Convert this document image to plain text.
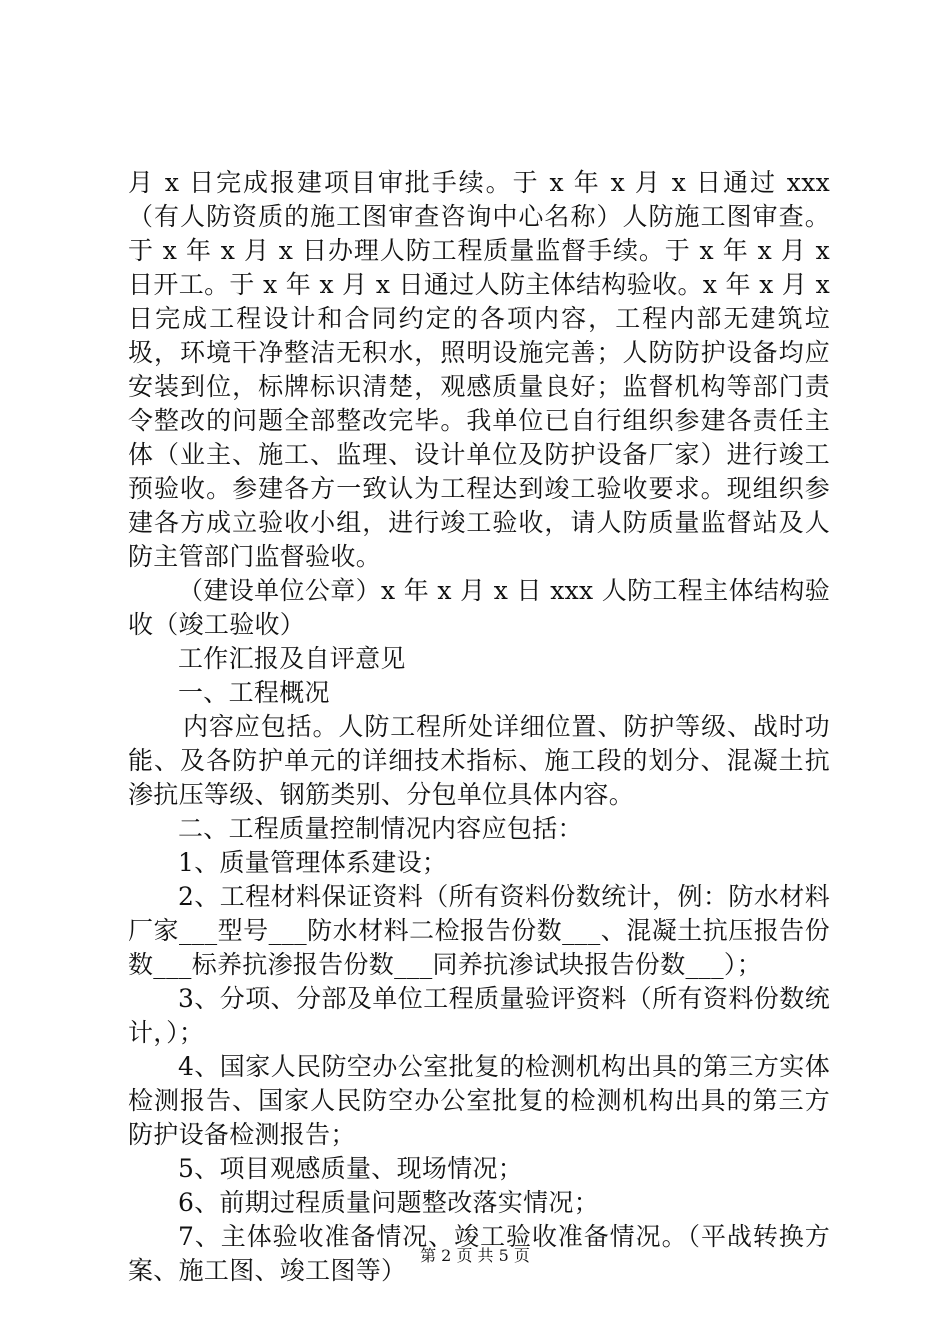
月 x 日完成报建项目审批手续。于 x 年 x 月 x 日通过 xxx（有人防资质的施工图审查咨询中心名称）人防施工图审查。于 x 年 x 月 x 日办理人防工程质量监督手续。于 x 年 x 月 x 日开工。于 x 年 x 月 x 日通过人防主体结构验收。x 年 x 月 x 日完成工程设计和合同约定的各项内容，工程内部无建筑垃圾，环境干净整洁无积水，照明设施完善；人防防护设备均应安装到位，标牌标识清楚，观感质量良好；监督机构等部门责令整改的问题全部整改完毕。我单位已自行组织参建各责任主体（业主、施工、监理、设计单位及防护设备厂家）进行竣工预验收。参建各方一致认为工程达到竣工验收要求。现组织参建各方成立验收小组，进行竣工验收，请人防质量监督站及人防主管部门监督验收。

（建设单位公章）x 年 x 月 x 日 xxx 人防工程主体结构验收（竣工验收）

工作汇报及自评意见

一、工程概况

内容应包括。人防工程所处详细位置、防护等级、战时功能、及各防护单元的详细技术指标、施工段的划分、混凝土抗渗抗压等级、钢筋类别、分包单位具体内容。

二、工程质量控制情况内容应包括：

1、质量管理体系建设；

2、工程材料保证资料（所有资料份数统计，例：防水材料厂家___型号___防水材料二检报告份数___、混凝土抗压报告份数___标养抗渗报告份数___同养抗渗试块报告份数___）；

3、分项、分部及单位工程质量验评资料（所有资料份数统计，）；

4、国家人民防空办公室批复的检测机构出具的第三方实体检测报告、国家人民防空办公室批复的检测机构出具的第三方防护设备检测报告；

5、项目观感质量、现场情况；

6、前期过程质量问题整改落实情况；

7、主体验收准备情况、竣工验收准备情况。（平战转换方案、施工图、竣工图等）

第 2 页 共 5 页
